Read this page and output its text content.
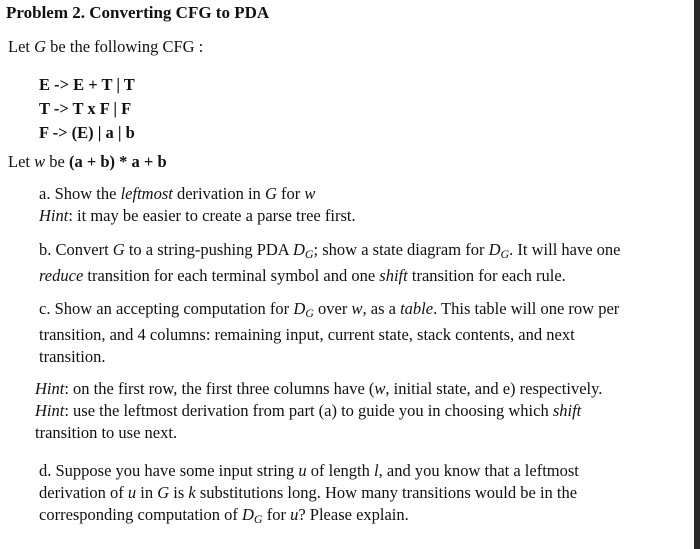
Problem 2. Converting CFG to PDA
Let G be the following CFG :
E -> E + T | T
T -> T x F | F
F -> (E) | a | b
Let w be (a + b) * a + b
a. Show the leftmost derivation in G for w
Hint: it may be easier to create a parse tree first.
b. Convert G to a string-pushing PDA $D_G$; show a state diagram for $D_G$. It will have one
reduce transition for each terminal symbol and one shift transition for each rule.
c. Show an accepting computation for $D_G$ over w, as a table. This table will one row per
transition, and 4 columns: remaining input, current state, stack contents, and next
transition.
Hint: on the first row, the first three columns have (w, initial state, and e) respectively.
Hint: use the leftmost derivation from part (a) to guide you in choosing which shift
transition to use next.
d. Suppose you have some input string u of length l, and you know that a leftmost
derivation of u in G is k substitutions long. How many transitions would be in the
corresponding computation of $D_G$ for u? Please explain.
